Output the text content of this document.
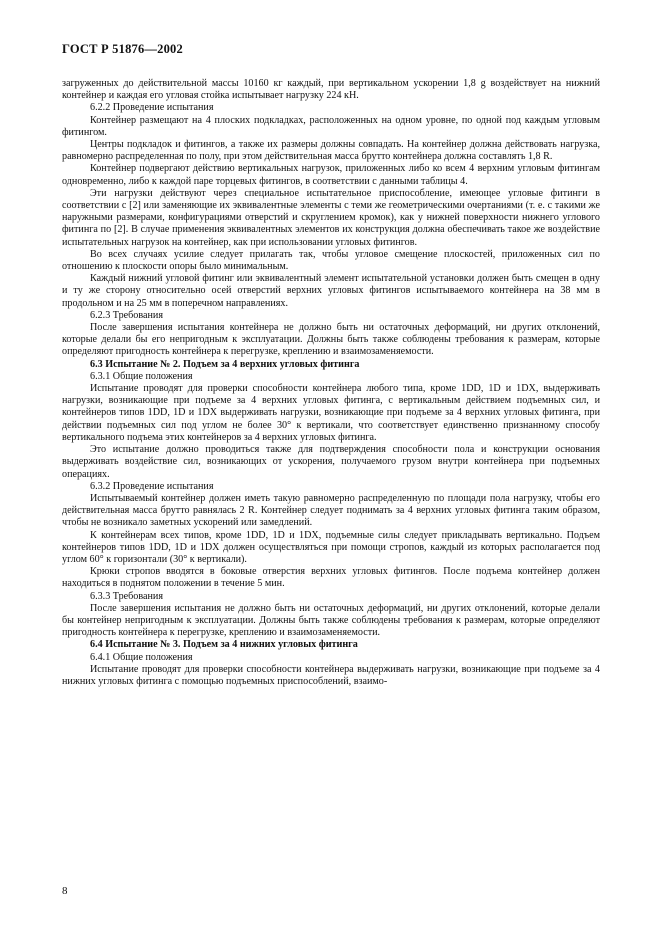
ГОСТ Р 51876—2002

загруженных до действительной массы 10160 кг каждый, при вертикальном ускорении 1,8 g воздействует на нижний контейнер и каждая его угловая стойка испытывает нагрузку 224 кН.

6.2.2 Проведение испытания

Контейнер размещают на 4 плоских подкладках, расположенных на одном уровне, по одной под каждым угловым фитингом.

Центры подкладок и фитингов, а также их размеры должны совпадать. На контейнер должна действовать нагрузка, равномерно распределенная по полу, при этом действительная масса брутто контейнера должна составлять 1,8 R.

Контейнер подвергают действию вертикальных нагрузок, приложенных либо ко всем 4 верхним угловым фитингам одновременно, либо к каждой паре торцевых фитингов, в соответствии с данными таблицы 4.

Эти нагрузки действуют через специальное испытательное приспособление, имеющее угловые фитинги в соответствии с [2] или заменяющие их эквивалентные элементы с теми же геометрическими очертаниями (т. е. с такими же наружными размерами, конфигурациями отверстий и скруглением кромок), как у нижней поверхности нижнего углового фитинга по [2]. В случае применения эквивалентных элементов их конструкция должна обеспечивать такое же воздействие испытательных нагрузок на контейнер, как при использовании угловых фитингов.

Во всех случаях усилие следует прилагать так, чтобы угловое смещение плоскостей, приложенных сил по отношению к плоскости опоры было минимальным.

Каждый нижний угловой фитинг или эквивалентный элемент испытательной установки должен быть смещен в одну и ту же сторону относительно осей отверстий верхних угловых фитингов испытываемого контейнера на 38 мм в продольном и на 25 мм в поперечном направлениях.

6.2.3 Требования

После завершения испытания контейнера не должно быть ни остаточных деформаций, ни других отклонений, которые делали бы его непригодным к эксплуатации. Должны быть также соблюдены требования к размерам, которые определяют пригодность контейнера к перегрузке, креплению и взаимозаменяемости.

6.3 Испытание № 2. Подъем за 4 верхних угловых фитинга

6.3.1 Общие положения

Испытание проводят для проверки способности контейнера любого типа, кроме 1DD, 1D и 1DX, выдерживать нагрузки, возникающие при подъеме за 4 верхних угловых фитинга, с вертикальным действием подъемных сил, и контейнеров типов 1DD, 1D и 1DX выдерживать нагрузки, возникающие при подъеме за 4 верхних угловых фитинга, при действии подъемных сил под углом не более 30° к вертикали, что соответствует единственно признанному способу вертикального подъема этих контейнеров за 4 верхних угловых фитинга.

Это испытание должно проводиться также для подтверждения способности пола и конструкции основания выдерживать воздействие сил, возникающих от ускорения, получаемого грузом внутри контейнера при подъемных операциях.

6.3.2 Проведение испытания

Испытываемый контейнер должен иметь такую равномерно распределенную по площади пола нагрузку, чтобы его действительная масса брутто равнялась 2 R. Контейнер следует поднимать за 4 верхних угловых фитинга таким образом, чтобы не возникало заметных ускорений или замедлений.

К контейнерам всех типов, кроме 1DD, 1D и 1DX, подъемные силы следует прикладывать вертикально. Подъем контейнеров типов 1DD, 1D и 1DX должен осуществляться при помощи стропов, каждый из которых располагается под углом 60° к горизонтали (30° к вертикали).

Крюки стропов вводятся в боковые отверстия верхних угловых фитингов. После подъема контейнер должен находиться в поднятом положении в течение 5 мин.

6.3.3 Требования

После завершения испытания не должно быть ни остаточных деформаций, ни других отклонений, которые делали бы контейнер непригодным к эксплуатации. Должны быть также соблюдены требования к размерам, которые определяют пригодность контейнера к перегрузке, креплению и взаимозаменяемости.

6.4 Испытание № 3. Подъем за 4 нижних угловых фитинга

6.4.1 Общие положения

Испытание проводят для проверки способности контейнера выдерживать нагрузки, возникающие при подъеме за 4 нижних угловых фитинга с помощью подъемных приспособлений, взаимо-

8
